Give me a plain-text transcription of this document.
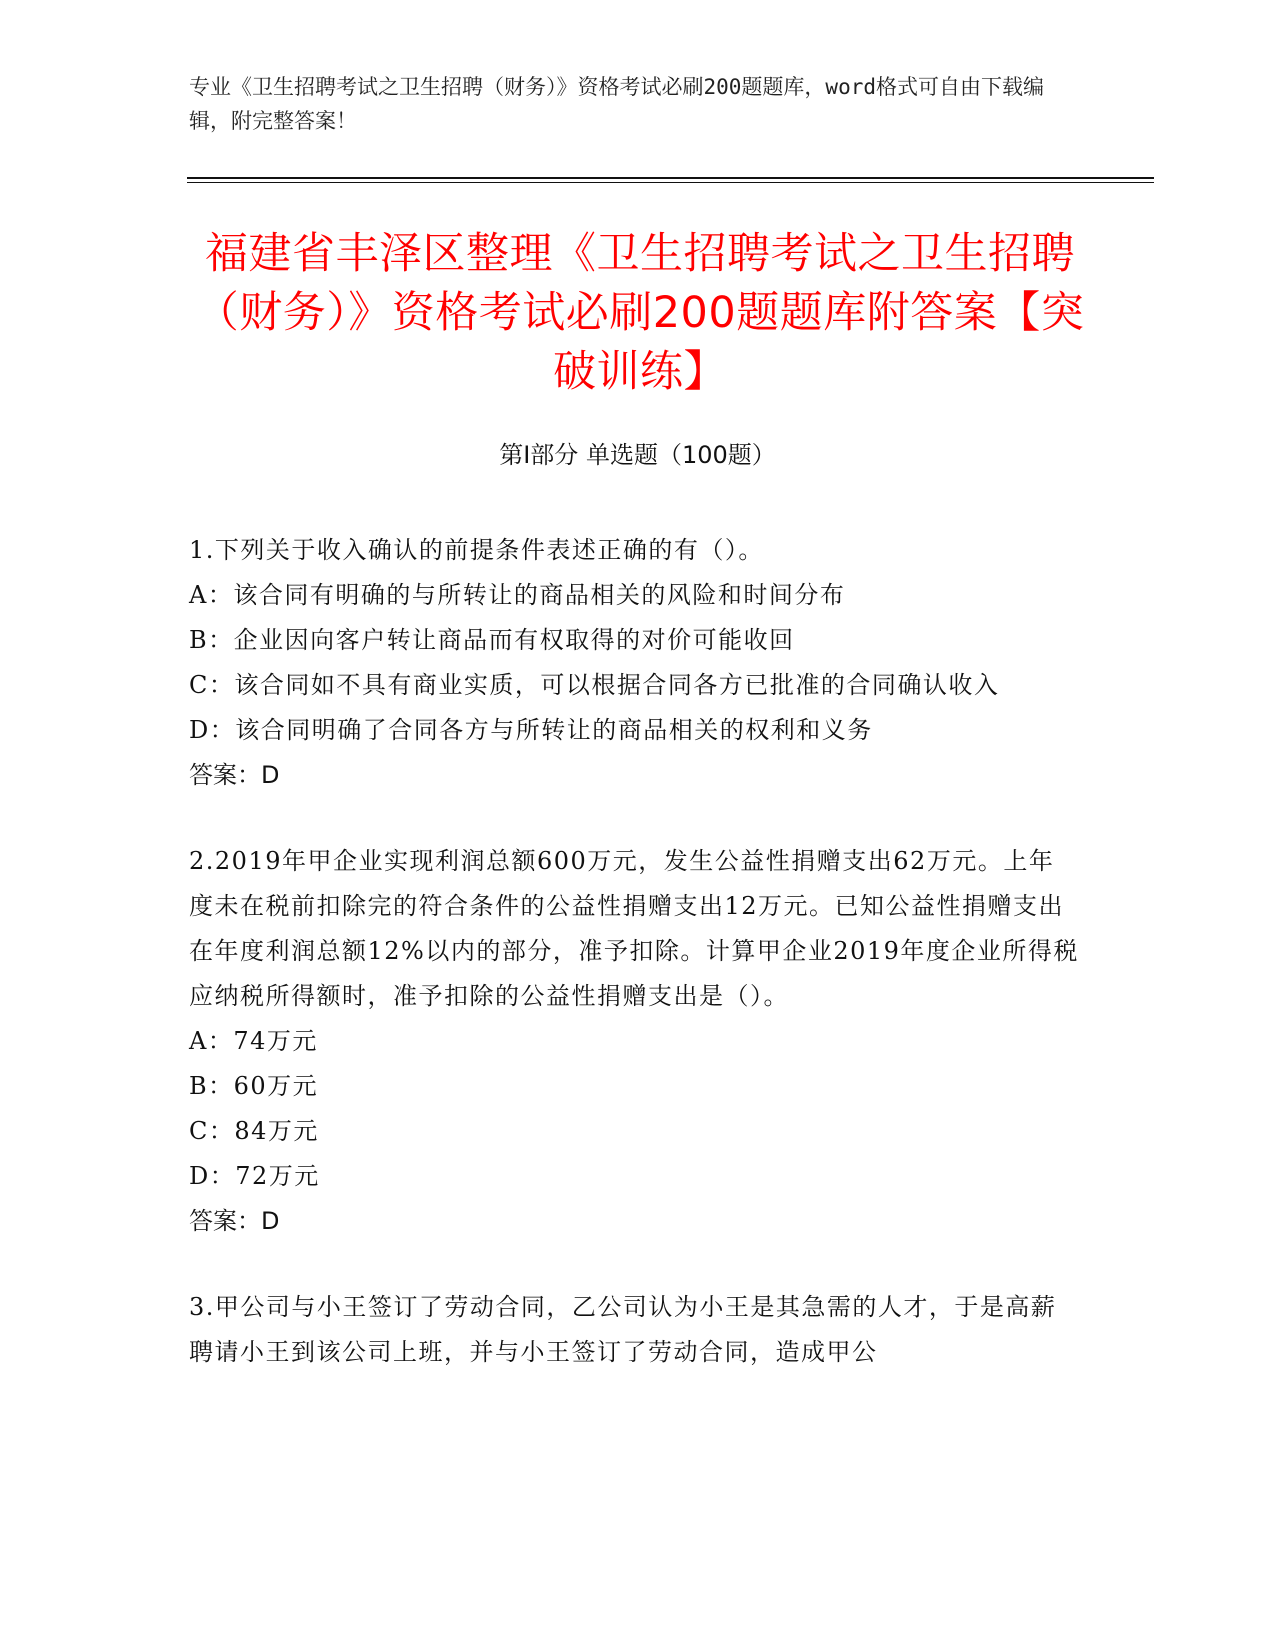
专业《卫生招聘考试之卫生招聘（财务）》资格考试必刷200题题库，word格式可自由下载编辑，附完整答案！
福建省丰泽区整理《卫生招聘考试之卫生招聘（财务）》资格考试必刷200题题库附答案【突破训练】
第Ⅰ部分 单选题（100题）

1.下列关于收入确认的前提条件表述正确的有（）。

A：该合同有明确的与所转让的商品相关的风险和时间分布

B：企业因向客户转让商品而有权取得的对价可能收回

C：该合同如不具有商业实质，可以根据合同各方已批准的合同确认收入

D：该合同明确了合同各方与所转让的商品相关的权利和义务

答案：D

2.2019年甲企业实现利润总额600万元，发生公益性捐赠支出62万元。上年度未在税前扣除完的符合条件的公益性捐赠支出12万元。已知公益性捐赠支出在年度利润总额12%以内的部分，准予扣除。计算甲企业2019年度企业所得税应纳税所得额时，准予扣除的公益性捐赠支出是（）。

A：74万元

B：60万元

C：84万元

D：72万元

答案：D

3.甲公司与小王签订了劳动合同，乙公司认为小王是其急需的人才，于是高薪聘请小王到该公司上班，并与小王签订了劳动合同，造成甲公
